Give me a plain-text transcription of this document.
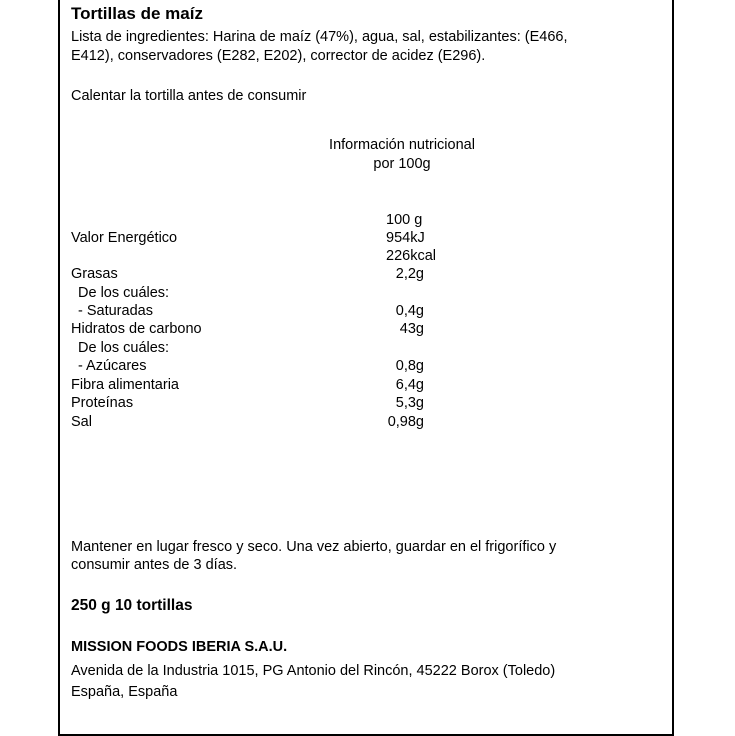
Tortillas de maíz
Lista de ingredientes: Harina de maíz (47%), agua, sal, estabilizantes: (E466,
E412), conservadores (E282, E202), corrector de acidez (E296).
Calentar la tortilla antes de consumir
Información nutricional
por 100g
100 g
Valor Energético	954kJ
226kcal
Grasas	2,2g
De los cuáles:
- Saturadas	0,4g
Hidratos de carbono	43g
De los cuáles:
- Azúcares	0,8g
Fibra alimentaria	6,4g
Proteínas	5,3g
Sal	0,98g
Mantener en lugar fresco y seco. Una vez abierto, guardar en el frigorífico y
consumir antes de 3 días.
250 g 10 tortillas
MISSION FOODS IBERIA S.A.U.
Avenida de la Industria 1015, PG Antonio del Rincón, 45222 Borox (Toledo)
España, España
